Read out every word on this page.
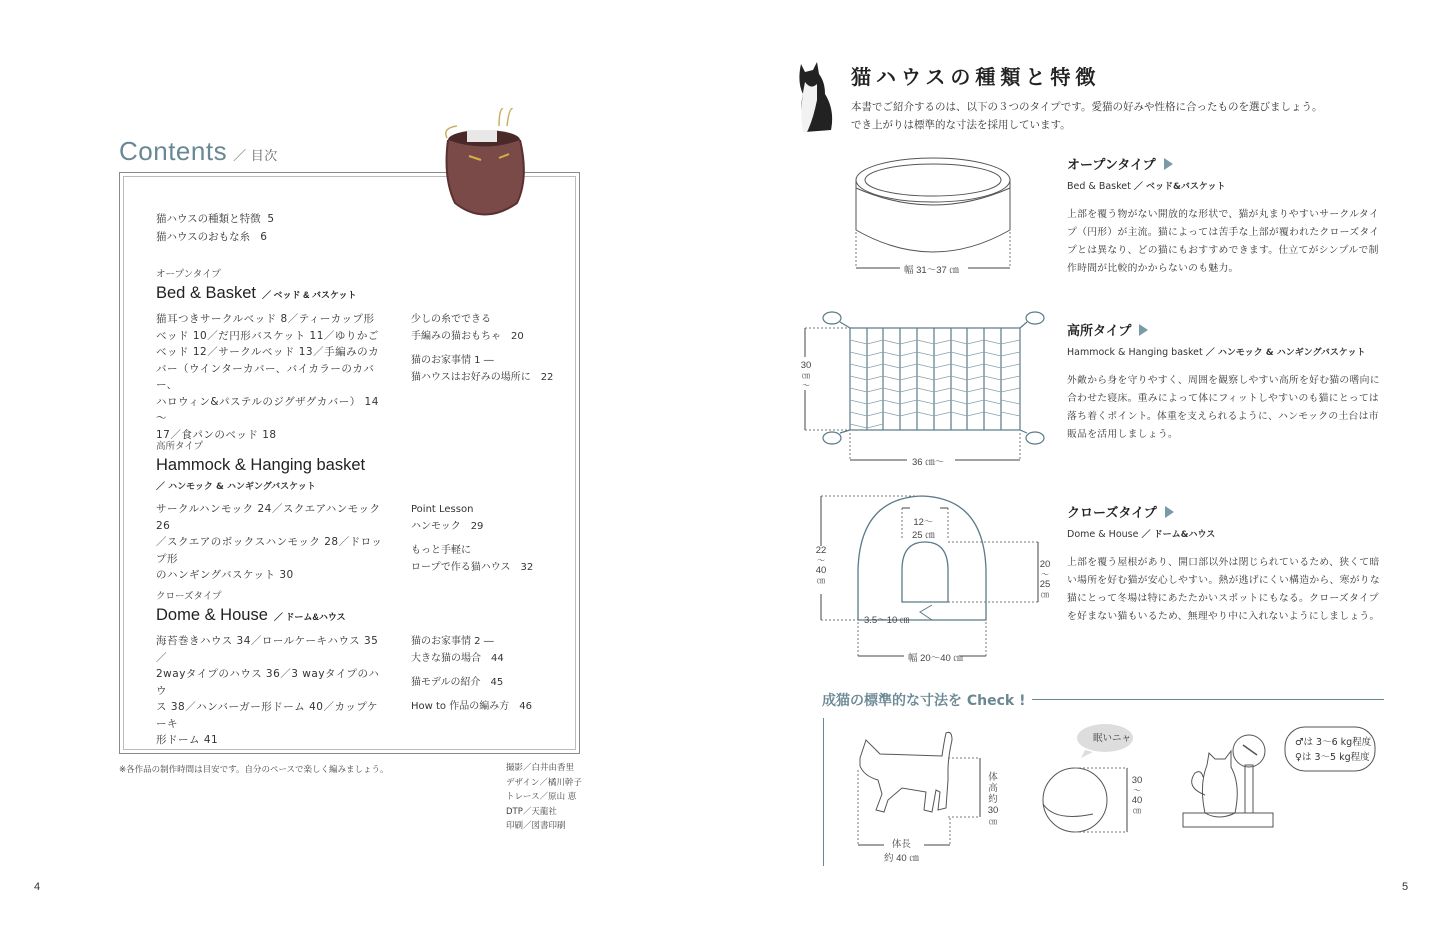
Contents ／ 目次
猫ハウスの種類と特徴 5
猫ハウスのおもな糸 6
オープンタイプ
Bed & Basket ／ ベッド & バスケット
猫耳つきサークルベッド 8／ティーカップ形
ベッド 10／だ円形バスケット 11／ゆりかご
ベッド 12／サークルベッド 13／手編みのカ
バー（ウインターカバー、バイカラーのカバー、
ハロウィン&パステルのジグザグカバー） 14～
17／食パンのベッド 18
少しの糸でできる
手編みの猫おもちゃ　20
猫のお家事情 1 ―
猫ハウスはお好みの場所に　22
高所タイプ
Hammock & Hanging basket
／ ハンモック & ハンギングバスケット
サークルハンモック 24／スクエアハンモック 26
／スクエアのボックスハンモック 28／ドロップ形
のハンギングバスケット 30
Point Lesson
ハンモック　29
もっと手軽に
ロープで作る猫ハウス　32
クローズタイプ
Dome & House ／ ドーム&ハウス
海苔巻きハウス 34／ロールケーキハウス 35／
2wayタイプのハウス 36／3 wayタイプのハウ
ス 38／ハンバーガー形ドーム 40／カップケーキ
形ドーム 41
猫のお家事情 2 ―
大きな猫の場合　44
猫モデルの紹介　45
How to 作品の編み方　46
※各作品の制作時間は目安です。自分のペースで楽しく編みましょう。	撮影／白井由香里
デザイン／橘川幹子
トレース／原山 恵
DTP／天龍社
印刷／図書印刷
4
猫ハウスの種類と特徴
本書でご紹介するのは、以下の３つのタイプです。愛猫の好みや性格に合ったものを選びましょう。
でき上がりは標準的な寸法を採用しています。
幅 31～37 ㎝
30
㎝
～
36 ㎝～
22
～
40
㎝
12～
25 ㎝
20
～
25
㎝
3.5～10 ㎝
幅 20～40 ㎝
オープンタイプ
Bed & Basket ／ ベッド&バスケット
上部を覆う物がない開放的な形状で、猫が丸まりやすいサークルタイプ（円形）が主流。猫によっては苦手な上部が覆われたクローズタイプとは異なり、どの猫にもおすすめできます。仕立てがシンプルで制作時間が比較的かからないのも魅力。
高所タイプ
Hammock & Hanging basket ／ ハンモック & ハンギングバスケット
外敵から身を守りやすく、周囲を観察しやすい高所を好む猫の嗜向に合わせた寝床。重みによって体にフィットしやすいのも猫にとっては落ち着くポイント。体重を支えられるように、ハンモックの土台は市販品を活用しましょう。
クローズタイプ
Dome & House ／ ドーム&ハウス
上部を覆う屋根があり、開口部以外は閉じられているため、狭くて暗い場所を好む猫が安心しやすい。熱が逃げにくい構造から、寒がりな猫にとって冬場は特にあたたかいスポットにもなる。クローズタイプを好まない猫もいるため、無理やり中に入れないようにしましょう。
成猫の標準的な寸法を Check !
体
高
約
30
㎝
体長
約 40 ㎝
眠いニャ
30
～
40
㎝
♂は 3～6 kg程度
♀は 3～5 kg程度
5
